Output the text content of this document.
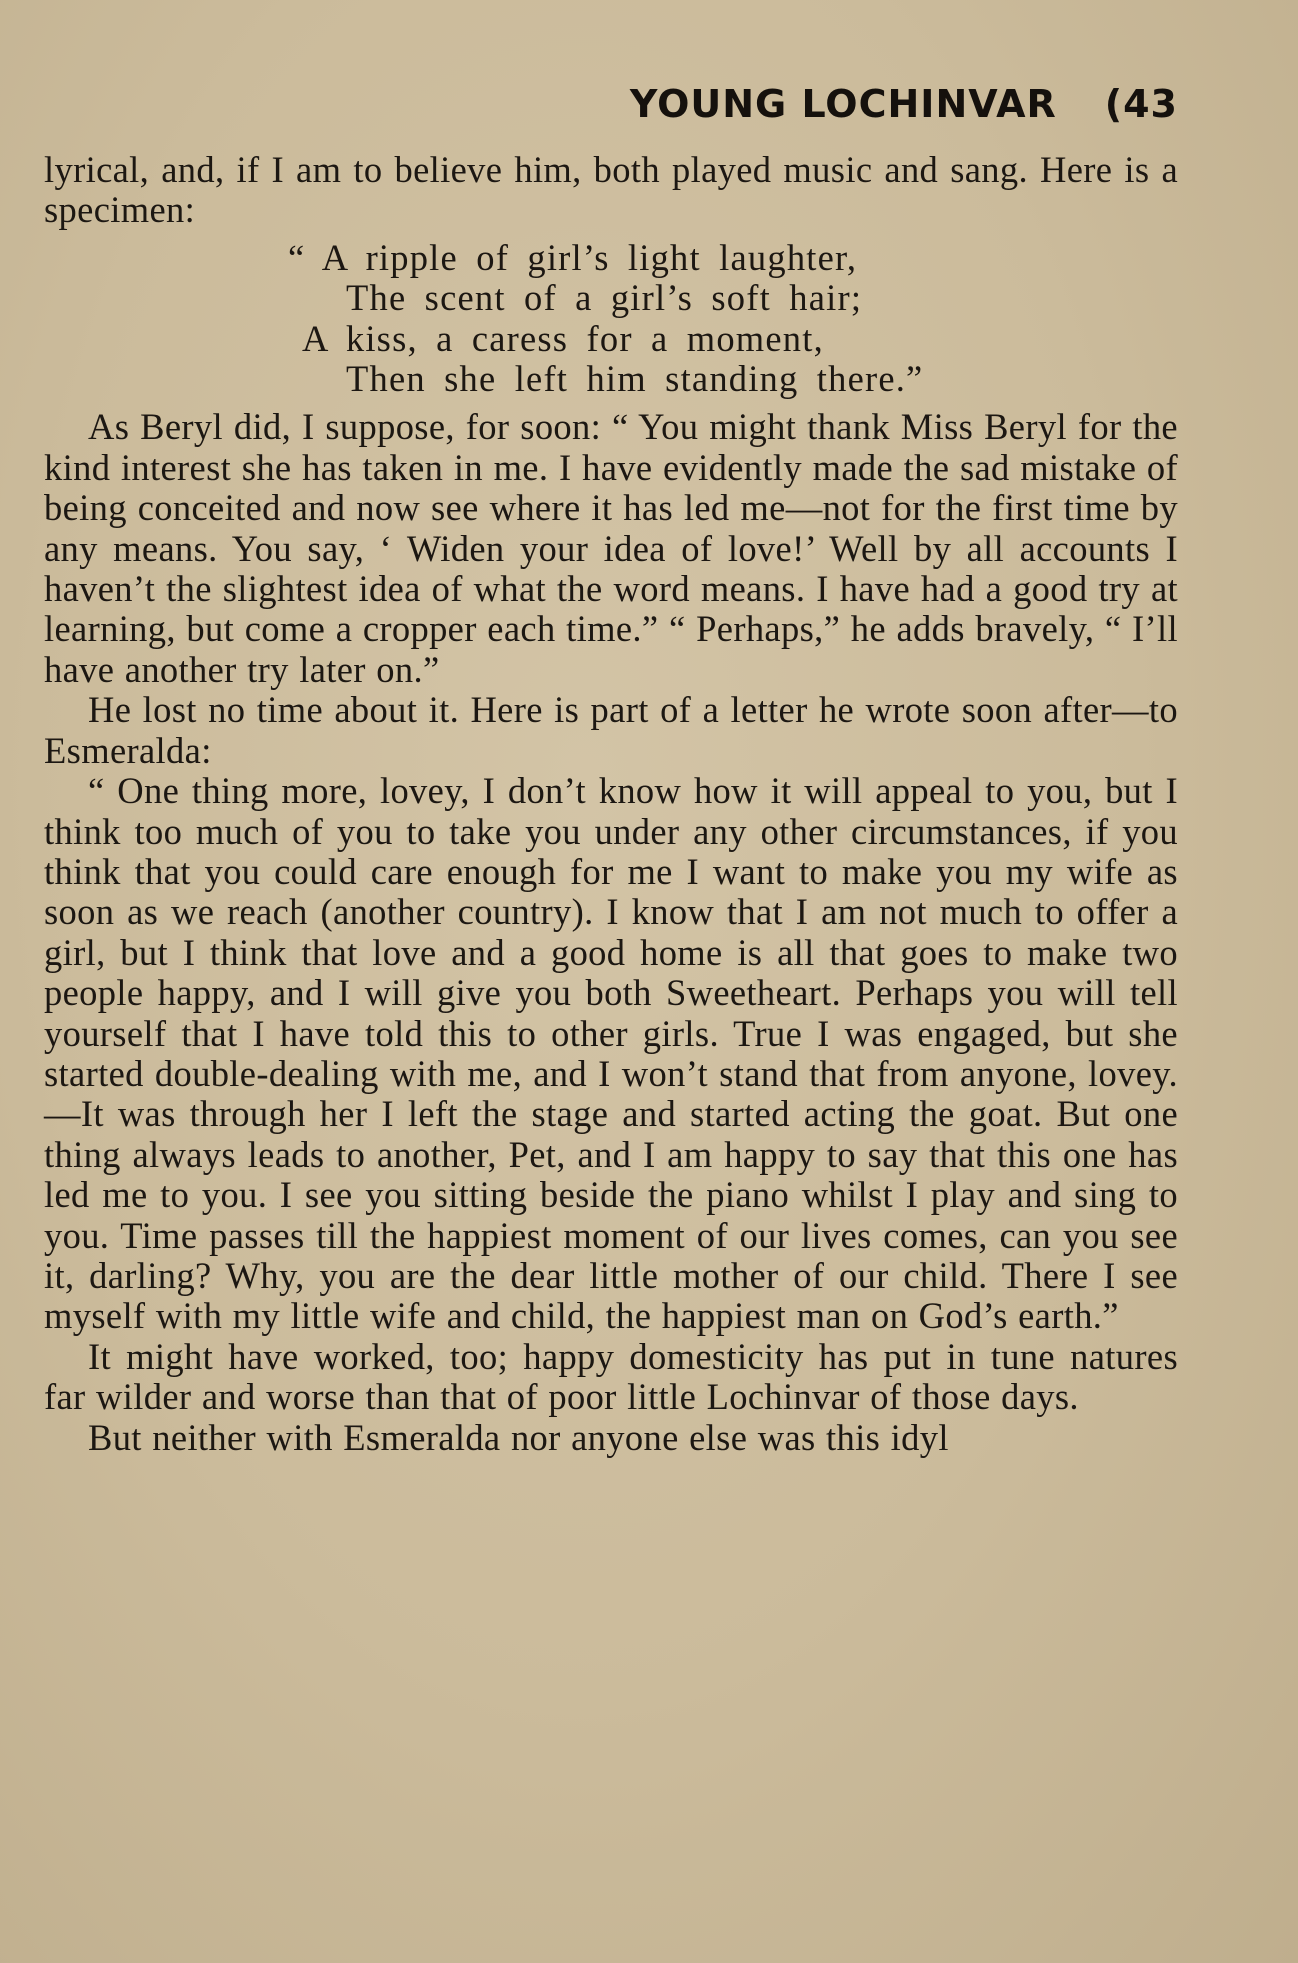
YOUNG LOCHINVAR (43

lyrical, and, if I am to believe him, both played music and sang. Here is a specimen:

“ A ripple of girl’s light laughter,
The scent of a girl’s soft hair;
A kiss, a caress for a moment,
Then she left him standing there.”

As Beryl did, I suppose, for soon: “ You might thank Miss Beryl for the kind interest she has taken in me. I have evidently made the sad mistake of being conceited and now see where it has led me—not for the first time by any means. You say, ‘ Widen your idea of love!’ Well by all accounts I haven’t the slightest idea of what the word means. I have had a good try at learning, but come a cropper each time.” “ Perhaps,” he adds bravely, “ I’ll have another try later on.”

He lost no time about it. Here is part of a letter he wrote soon after—to Esmeralda:

“ One thing more, lovey, I don’t know how it will appeal to you, but I think too much of you to take you under any other circumstances, if you think that you could care enough for me I want to make you my wife as soon as we reach (another country). I know that I am not much to offer a girl, but I think that love and a good home is all that goes to make two people happy, and I will give you both Sweetheart. Perhaps you will tell yourself that I have told this to other girls. True I was engaged, but she started double-dealing with me, and I won’t stand that from anyone, lovey.—It was through her I left the stage and started acting the goat. But one thing always leads to another, Pet, and I am happy to say that this one has led me to you. I see you sitting beside the piano whilst I play and sing to you. Time passes till the happiest moment of our lives comes, can you see it, darling? Why, you are the dear little mother of our child. There I see myself with my little wife and child, the happiest man on God’s earth.”

It might have worked, too; happy domesticity has put in tune natures far wilder and worse than that of poor little Lochinvar of those days.

But neither with Esmeralda nor anyone else was this idyl
